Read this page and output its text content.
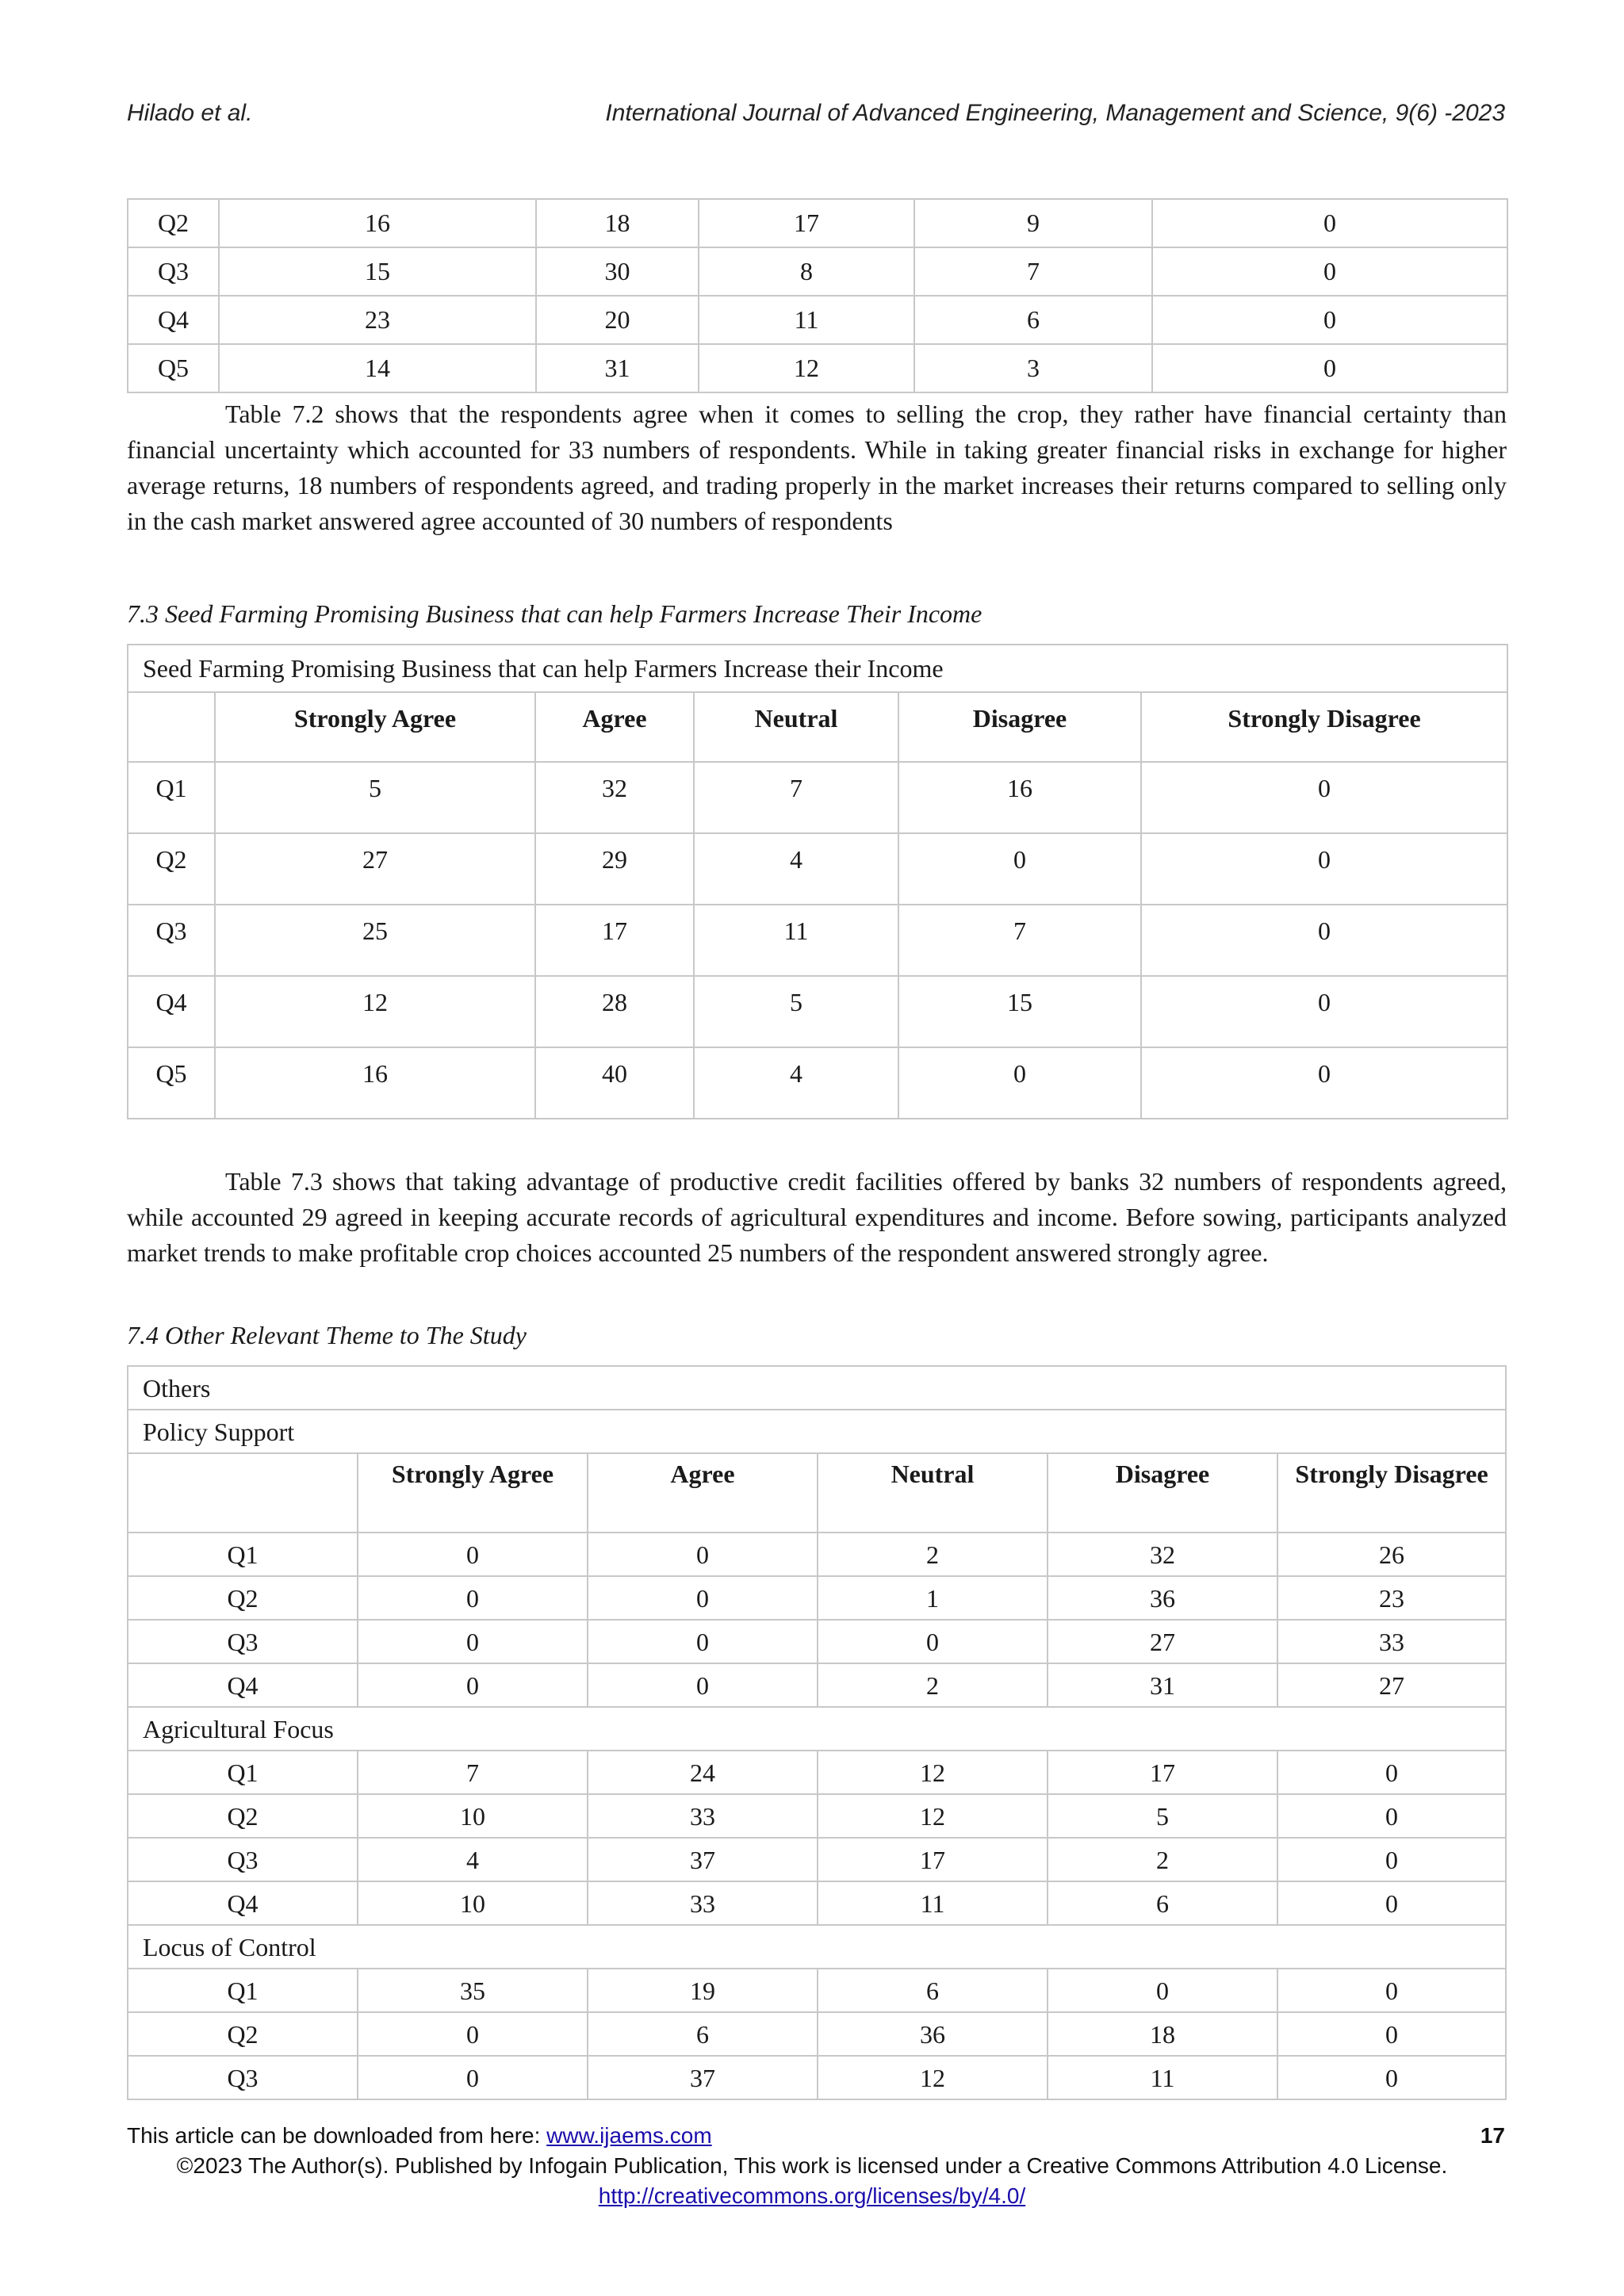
Hilado et al.	International Journal of Advanced Engineering, Management and Science, 9(6) -2023
Q2	16	18	17	9	0
Q3	15	30	8	7	0
Q4	23	20	11	6	0
Q5	14	31	12	3	0

Table 7.2 shows that the respondents agree when it comes to selling the crop, they rather have financial certainty than financial uncertainty which accounted for 33 numbers of respondents. While in taking greater financial risks in exchange for higher average returns, 18 numbers of respondents agreed, and trading properly in the market increases their returns compared to selling only in the cash market answered agree accounted of 30 numbers of respondents

7.3 Seed Farming Promising Business that can help Farmers Increase Their Income

Seed Farming Promising Business that can help Farmers Increase their Income					
	Strongly Agree	Agree	Neutral	Disagree	Strongly Disagree
Q1	5	32	7	16	0
Q2	27	29	4	0	0
Q3	25	17	11	7	0
Q4	12	28	5	15	0
Q5	16	40	4	0	0

Table 7.3 shows that taking advantage of productive credit facilities offered by banks 32 numbers of respondents agreed, while accounted 29 agreed in keeping accurate records of agricultural expenditures and income. Before sowing, participants analyzed market trends to make profitable crop choices accounted 25 numbers of the respondent answered strongly agree.

7.4 Other Relevant Theme to The Study

Others					
Policy Support					
	Strongly Agree	Agree	Neutral	Disagree	Strongly Disagree
Q1	0	0	2	32	26
Q2	0	0	1	36	23
Q3	0	0	0	27	33
Q4	0	0	2	31	27
Agricultural Focus					
Q1	7	24	12	17	0
Q2	10	33	12	5	0
Q3	4	37	17	2	0
Q4	10	33	11	6	0
Locus of Control					
Q1	35	19	6	0	0
Q2	0	6	36	18	0
Q3	0	37	12	11	0
This article can be downloaded from here: www.ijaems.com	17
©2023 The Author(s). Published by Infogain Publication, This work is licensed under a Creative Commons Attribution 4.0 License.
http://creativecommons.org/licenses/by/4.0/
